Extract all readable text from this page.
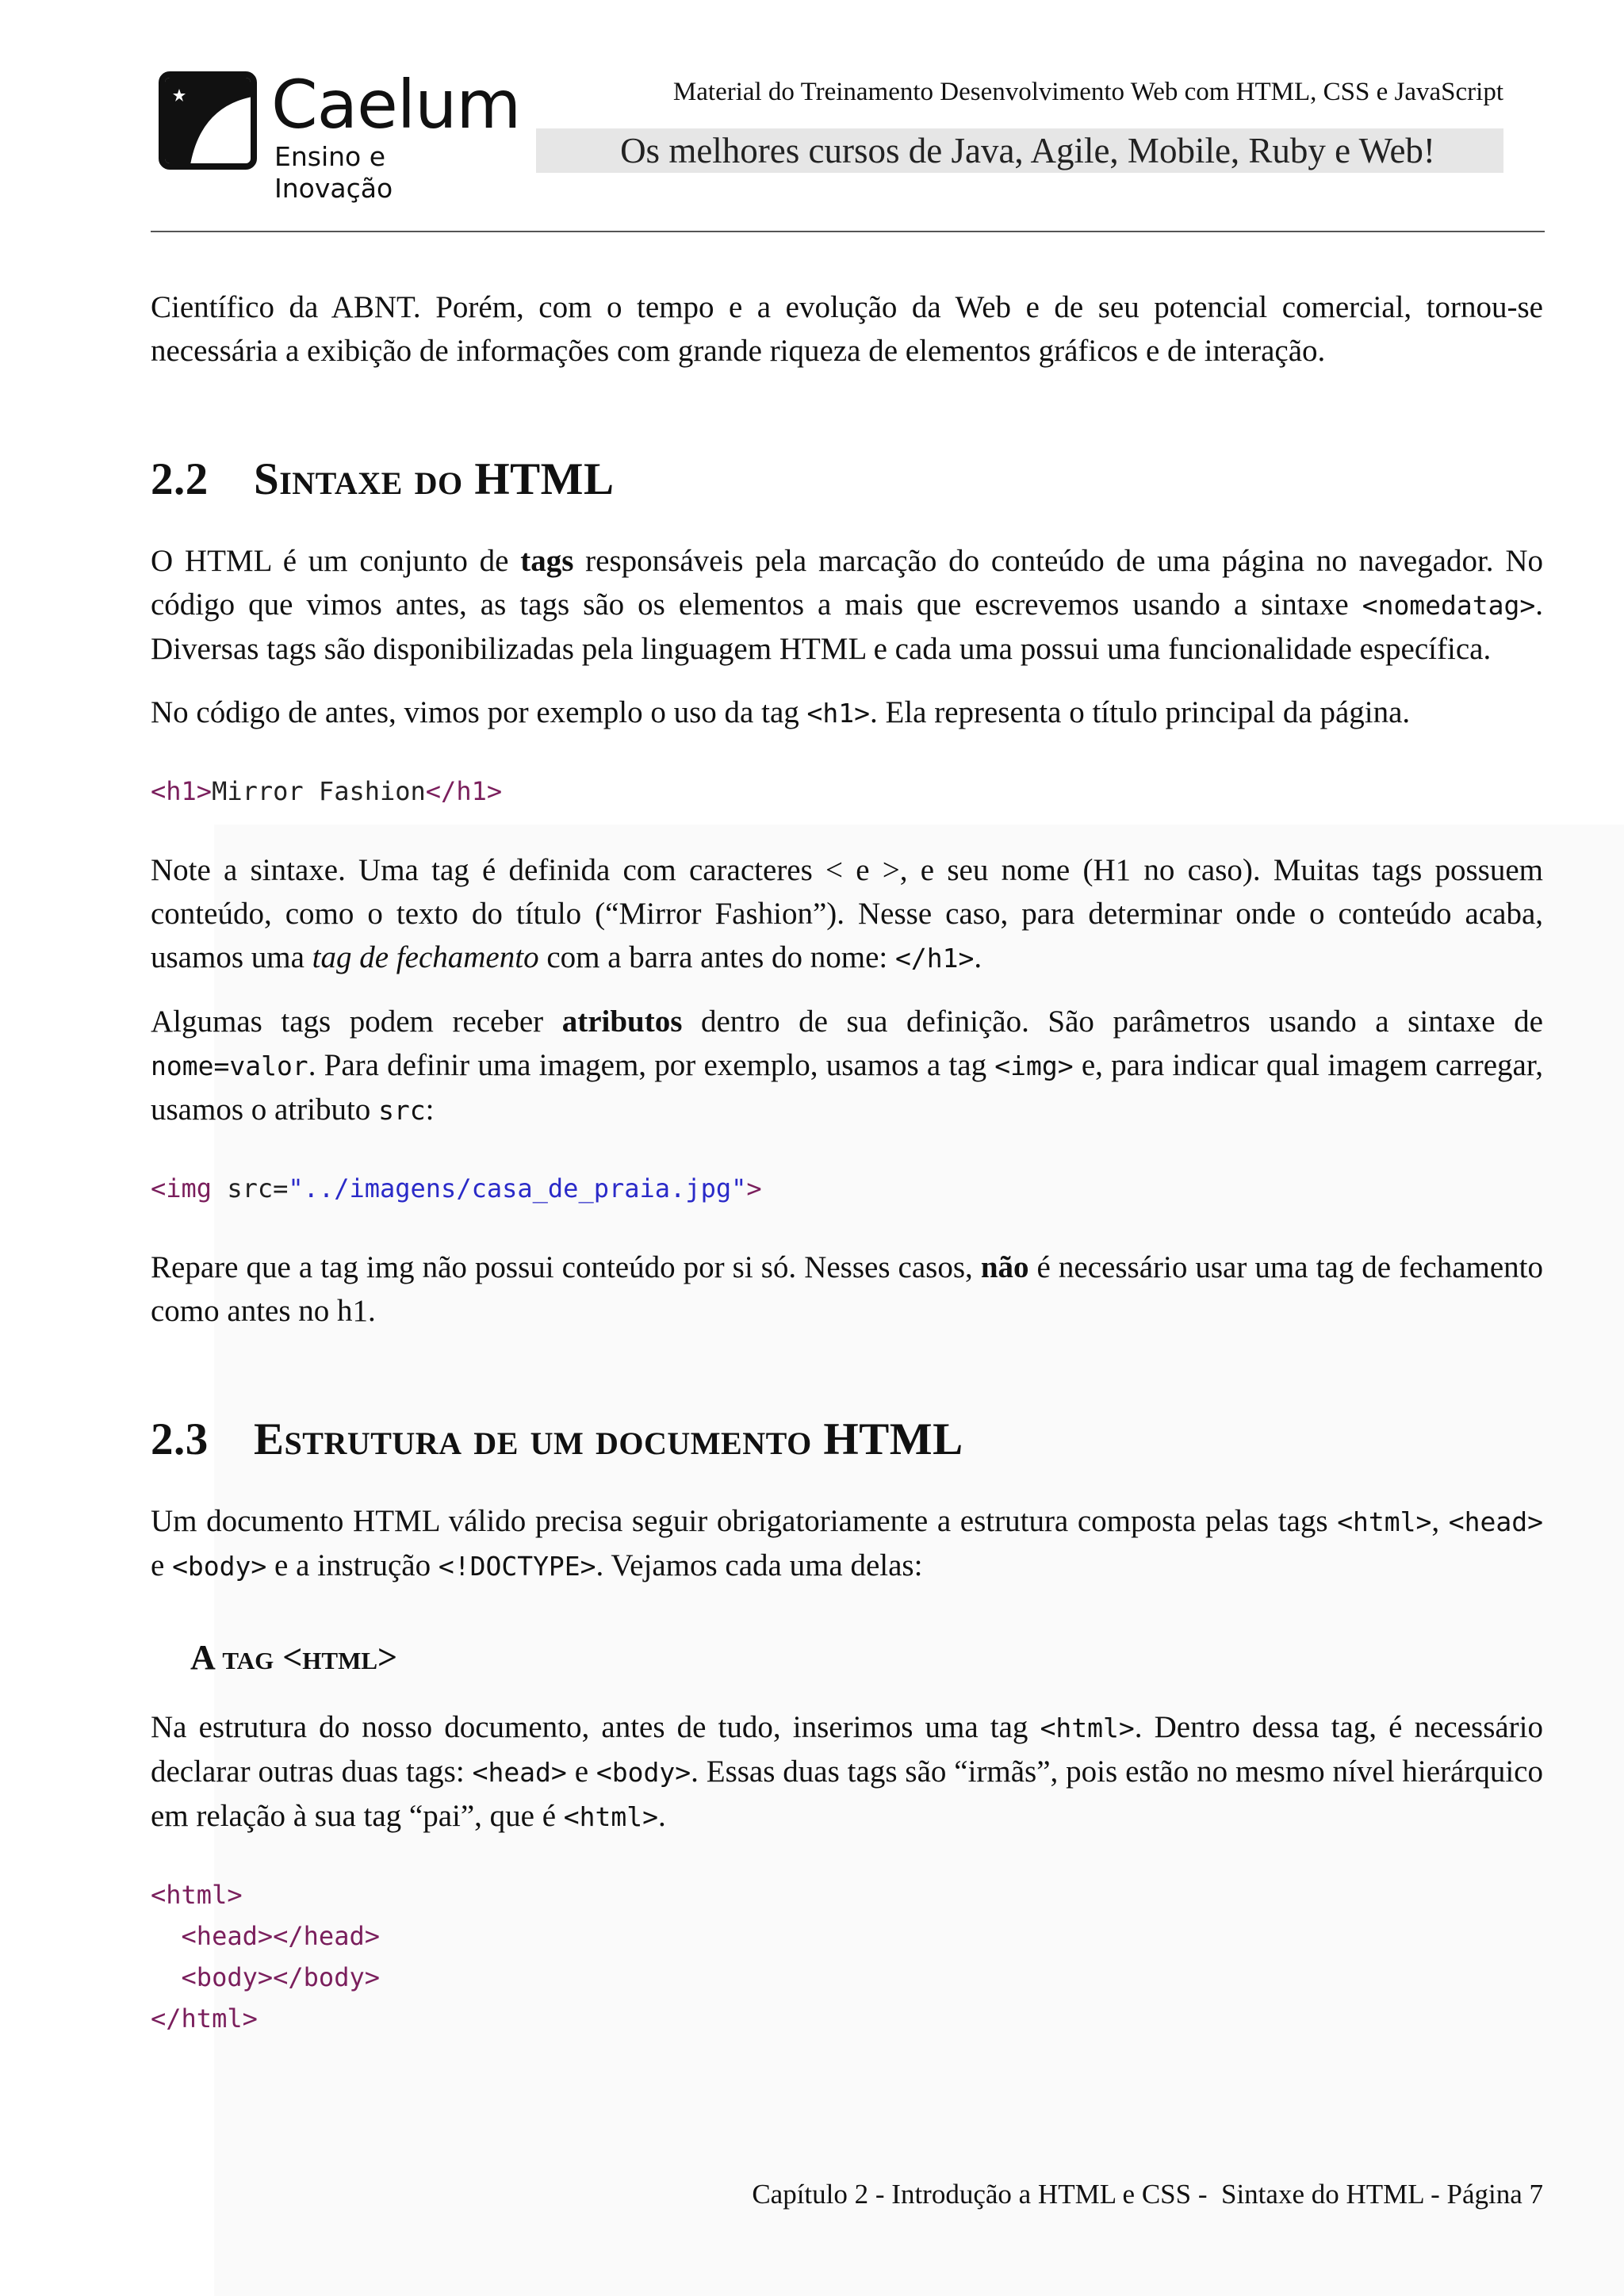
Caelum
Ensino e Inovação
Material do Treinamento Desenvolvimento Web com HTML, CSS e JavaScript
Os melhores cursos de Java, Agile, Mobile, Ruby e Web!

Científico da ABNT. Porém, com o tempo e a evolução da Web e de seu potencial comercial, tornou-se necessária a exibição de informações com grande riqueza de elementos gráficos e de interação.

2.2 Sintaxe do HTML

O HTML é um conjunto de tags responsáveis pela marcação do conteúdo de uma página no navegador. No código que vimos antes, as tags são os elementos a mais que escrevemos usando a sintaxe <nomedatag>. Diversas tags são disponibilizadas pela linguagem HTML e cada uma possui uma funcionalidade específica.

No código de antes, vimos por exemplo o uso da tag <h1>. Ela representa o título principal da página.

<h1>Mirror Fashion</h1>

Note a sintaxe. Uma tag é definida com caracteres < e >, e seu nome (H1 no caso). Muitas tags possuem conteúdo, como o texto do título (“Mirror Fashion”). Nesse caso, para determinar onde o conteúdo acaba, usamos uma tag de fechamento com a barra antes do nome: </h1>.

Algumas tags podem receber atributos dentro de sua definição. São parâmetros usando a sintaxe de nome=valor. Para definir uma imagem, por exemplo, usamos a tag <img> e, para indicar qual imagem carregar, usamos o atributo src:

<img src="../imagens/casa_de_praia.jpg">

Repare que a tag img não possui conteúdo por si só. Nesses casos, não é necessário usar uma tag de fechamento como antes no h1.

2.3 Estrutura de um documento HTML

Um documento HTML válido precisa seguir obrigatoriamente a estrutura composta pelas tags <html>, <head> e <body> e a instrução <!DOCTYPE>. Vejamos cada uma delas:

A tag <html>

Na estrutura do nosso documento, antes de tudo, inserimos uma tag <html>. Dentro dessa tag, é necessário declarar outras duas tags: <head> e <body>. Essas duas tags são “irmãs”, pois estão no mesmo nível hierárquico em relação à sua tag “pai”, que é <html>.

<html>
<head></head>
<body></body>
</html>
Capítulo 2 - Introdução a HTML e CSS -  Sintaxe do HTML - Página 7
